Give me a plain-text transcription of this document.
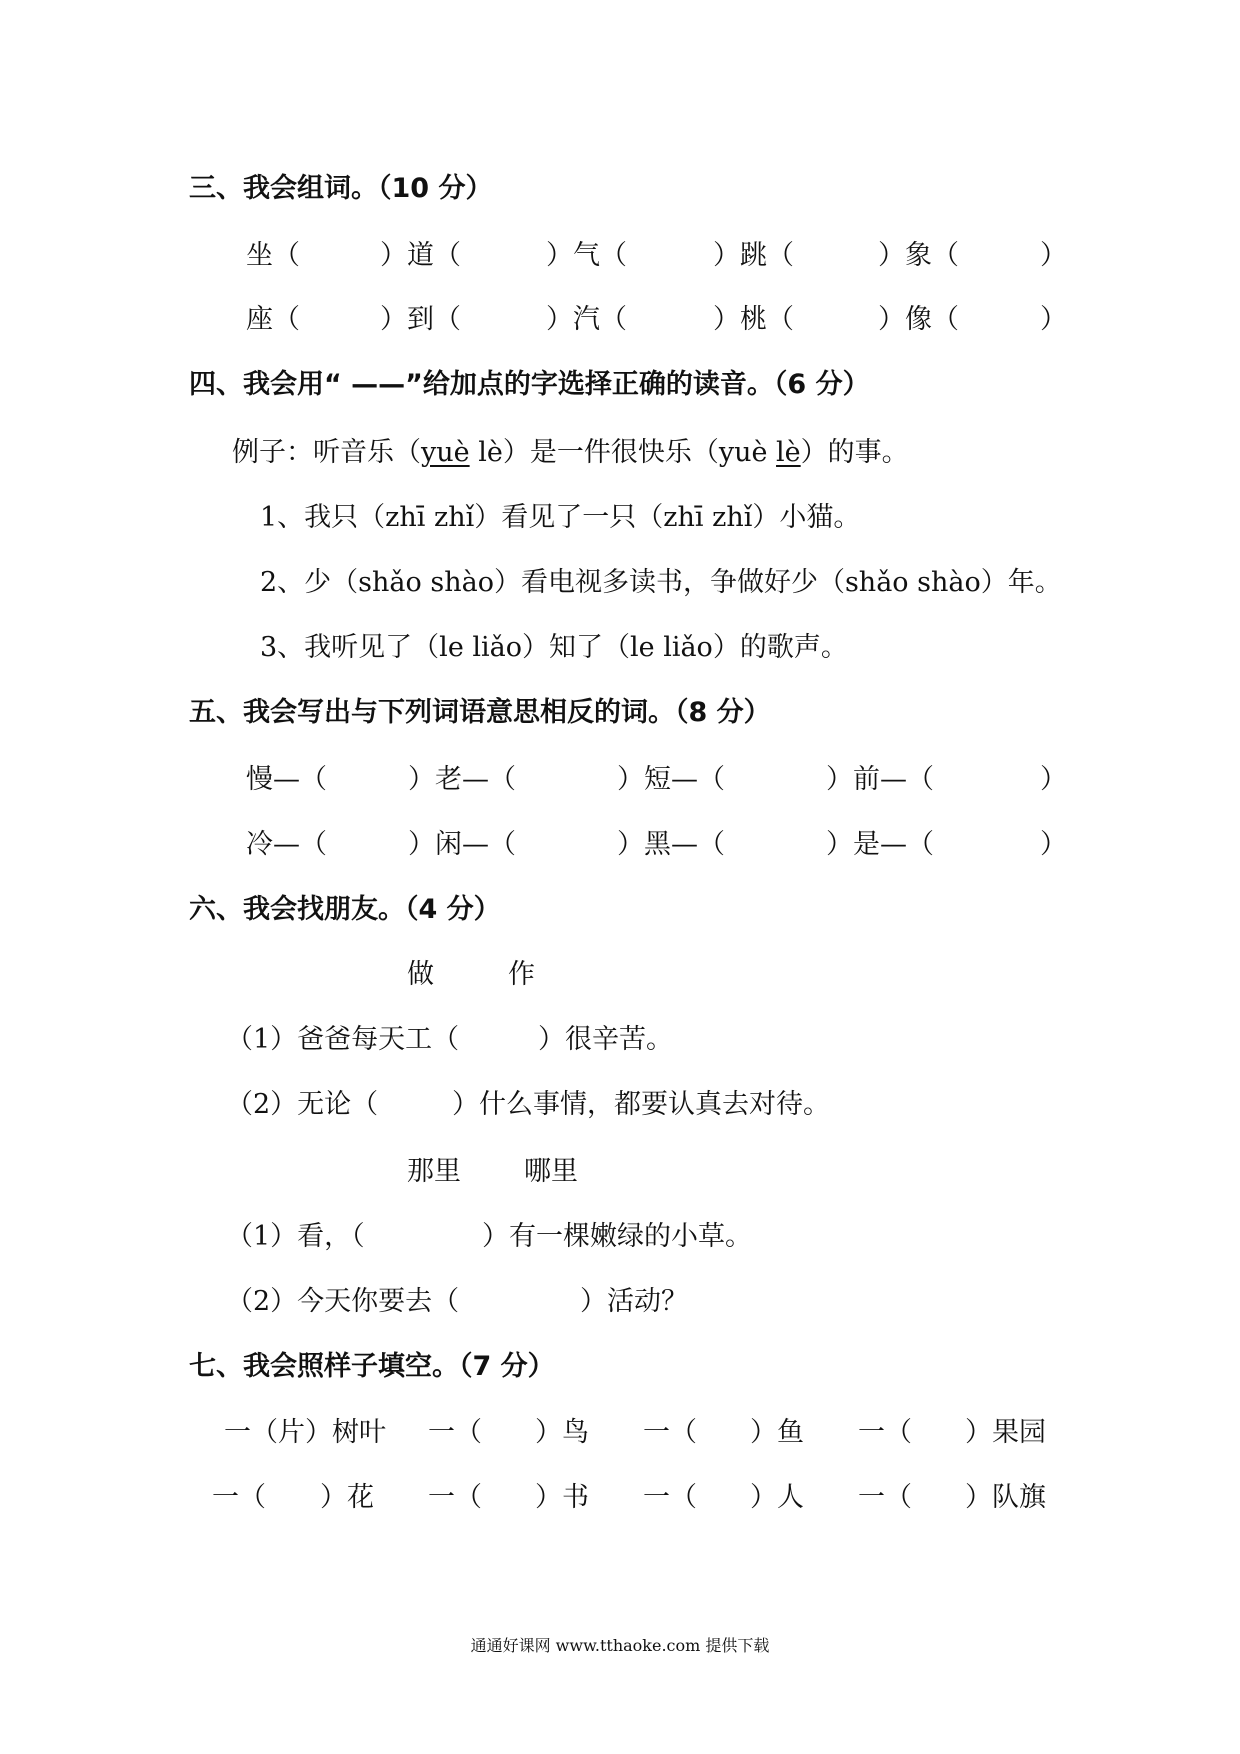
三、我会组词。（10 分）
坐（	）道（	）气（	）跳（	）象（	）
座（	）到（	）汽（	）桃（	）像（	）
四、我会用“ ——”给加点的字选择正确的读音。（6 分）
例子：听音乐（yuè lè）是一件很快乐（yuè lè）的事。
1、我只（zhī zhǐ）看见了一只（zhī zhǐ）小猫。
2、少（shǎo shào）看电视多读书，争做好少（shǎo shào）年。
3、我听见了（le liǎo）知了（le liǎo）的歌声。
五、我会写出与下列词语意思相反的词。（8 分）
慢—（	）老—（	）短—（	）前—（	）
冷—（	）闲—（	）黑—（	）是—（	）
六、我会找朋友。（4 分）
做	作
（1）爸爸每天工（	）很辛苦。
（2）无论（	）什么事情，都要认真去对待。
那里 哪里
（1）看，（	）有一棵嫩绿的小草。
（2）今天你要去（	）活动？
七、我会照样子填空。（7 分）
一（片）树叶 一（ ）鸟 一（ ）鱼 一（ ）果园
一（ ）花 一（ ）书 一（ ）人 一（ ）队旗
通通好课网 www.tthaoke.com 提供下载
